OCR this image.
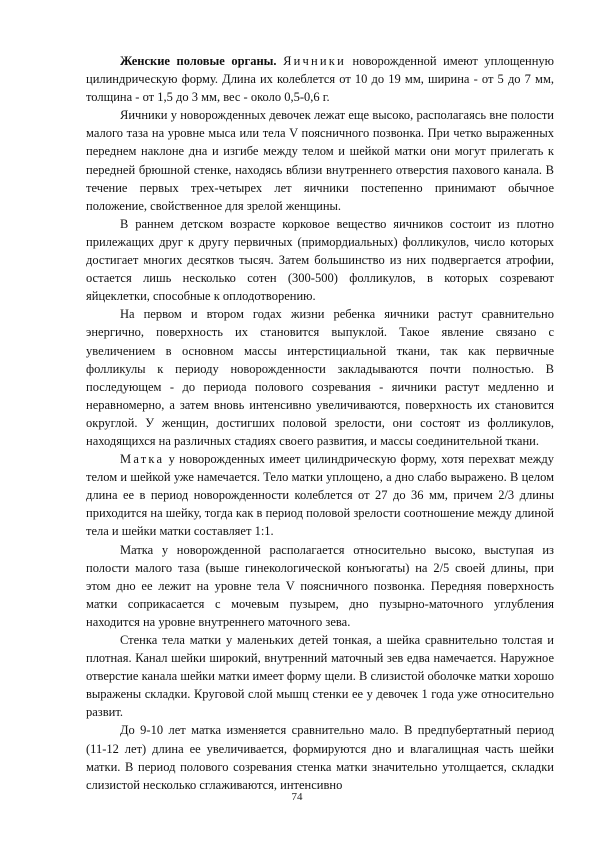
Женские половые органы. Яичники новорожденной имеют уплощенную цилиндрическую форму. Длина их колеблется от 10 до 19 мм, ширина - от 5 до 7 мм, толщина - от 1,5 до 3 мм, вес - около 0,5-0,6 г.

Яичники у новорожденных девочек лежат еще высоко, располагаясь вне полости малого таза на уровне мыса или тела V поясничного позвонка. При четко выраженных переднем наклоне дна и изгибе между телом и шейкой матки они могут прилегать к передней брюшной стенке, находясь вблизи внутреннего отверстия пахового канала. В течение первых трех-четырех лет яичники постепенно принимают обычное положение, свойственное для зрелой женщины.

В раннем детском возрасте корковое вещество яичников состоит из плотно прилежащих друг к другу первичных (примордиальных) фолликулов, число которых достигает многих десятков тысяч. Затем большинство из них подвергается атрофии, остается лишь несколько сотен (300-500) фолликулов, в которых созревают яйцеклетки, способные к оплодотворению.

На первом и втором годах жизни ребенка яичники растут сравнительно энергично, поверхность их становится выпуклой. Такое явление связано с увеличением в основном массы интерстициальной ткани, так как первичные фолликулы к периоду новорожденности закладываются почти полностью. В последующем - до периода полового созревания - яичники растут медленно и неравномерно, а затем вновь интенсивно увеличиваются, поверхность их становится округлой. У женщин, достигших половой зрелости, они состоят из фолликулов, находящихся на различных стадиях своего развития, и массы соединительной ткани.

Матка у новорожденных имеет цилиндрическую форму, хотя перехват между телом и шейкой уже намечается. Тело матки уплощено, а дно слабо выражено. В целом длина ее в период новорожденности колеблется от 27 до 36 мм, причем 2/3 длины приходится на шейку, тогда как в период половой зрелости соотношение между длиной тела и шейки матки составляет 1:1.

Матка у новорожденной располагается относительно высоко, выступая из полости малого таза (выше гинекологической конъюгаты) на 2/5 своей длины, при этом дно ее лежит на уровне тела V поясничного позвонка. Передняя поверхность матки соприкасается с мочевым пузырем, дно пузырно-маточного углубления находится на уровне внутреннего маточного зева.

Стенка тела матки у маленьких детей тонкая, а шейка сравнительно толстая и плотная. Канал шейки широкий, внутренний маточный зев едва намечается. Наружное отверстие канала шейки матки имеет форму щели. В слизистой оболочке матки хорошо выражены складки. Круговой слой мышц стенки ее у девочек 1 года уже относительно развит.

До 9-10 лет матка изменяется сравнительно мало. В предпубертатный период (11-12 лет) длина ее увеличивается, формируются дно и влагалищная часть шейки матки. В период полового созревания стенка матки значительно утолщается, складки слизистой несколько сглаживаются, интенсивно

74
